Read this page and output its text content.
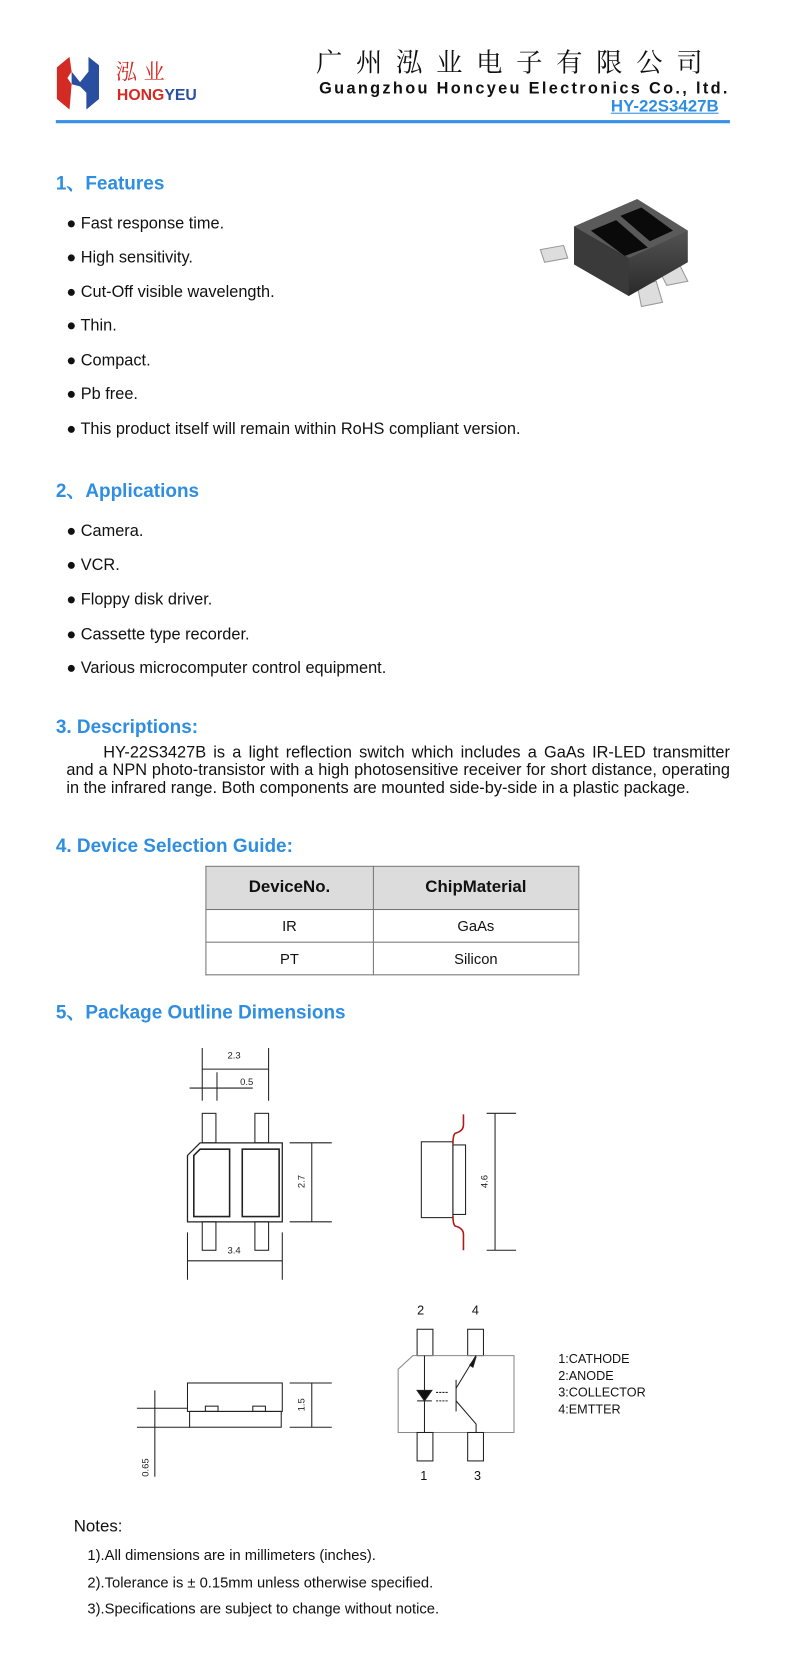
泓 业
HONGYEU
广州泓业电子有限公司
Guangzhou Honcyeu Electronics Co., ltd.
HY-22S3427B
1、Features
● Fast response time.
● High sensitivity.
● Cut-Off visible wavelength.
● Thin.
● Compact.
● Pb free.
● This product itself will remain within RoHS compliant version.
2、Applications
● Camera.
● VCR.
● Floppy disk driver.
● Cassette type recorder.
● Various microcomputer control equipment.
3. Descriptions:
HY-22S3427B is a light reflection switch which includes a GaAs IR-LED transmitter and a NPN photo-transistor with a high photosensitive receiver for short distance, operating in the infrared range. Both components are mounted side-by-side in a plastic package.
4. Device Selection Guide:
DeviceNo.	ChipMaterial
IR	GaAs
PT	Silicon
5、Package Outline Dimensions
2.3
0.5
2.7
3.4
4.6
1.5
0.65
2	4
1	3
1:CATHODE
2:ANODE
3:COLLECTOR
4:EMTTER
Notes:
1).All dimensions are in millimeters (inches).
2).Tolerance is ± 0.15mm unless otherwise specified.
3).Specifications are subject to change without notice.
